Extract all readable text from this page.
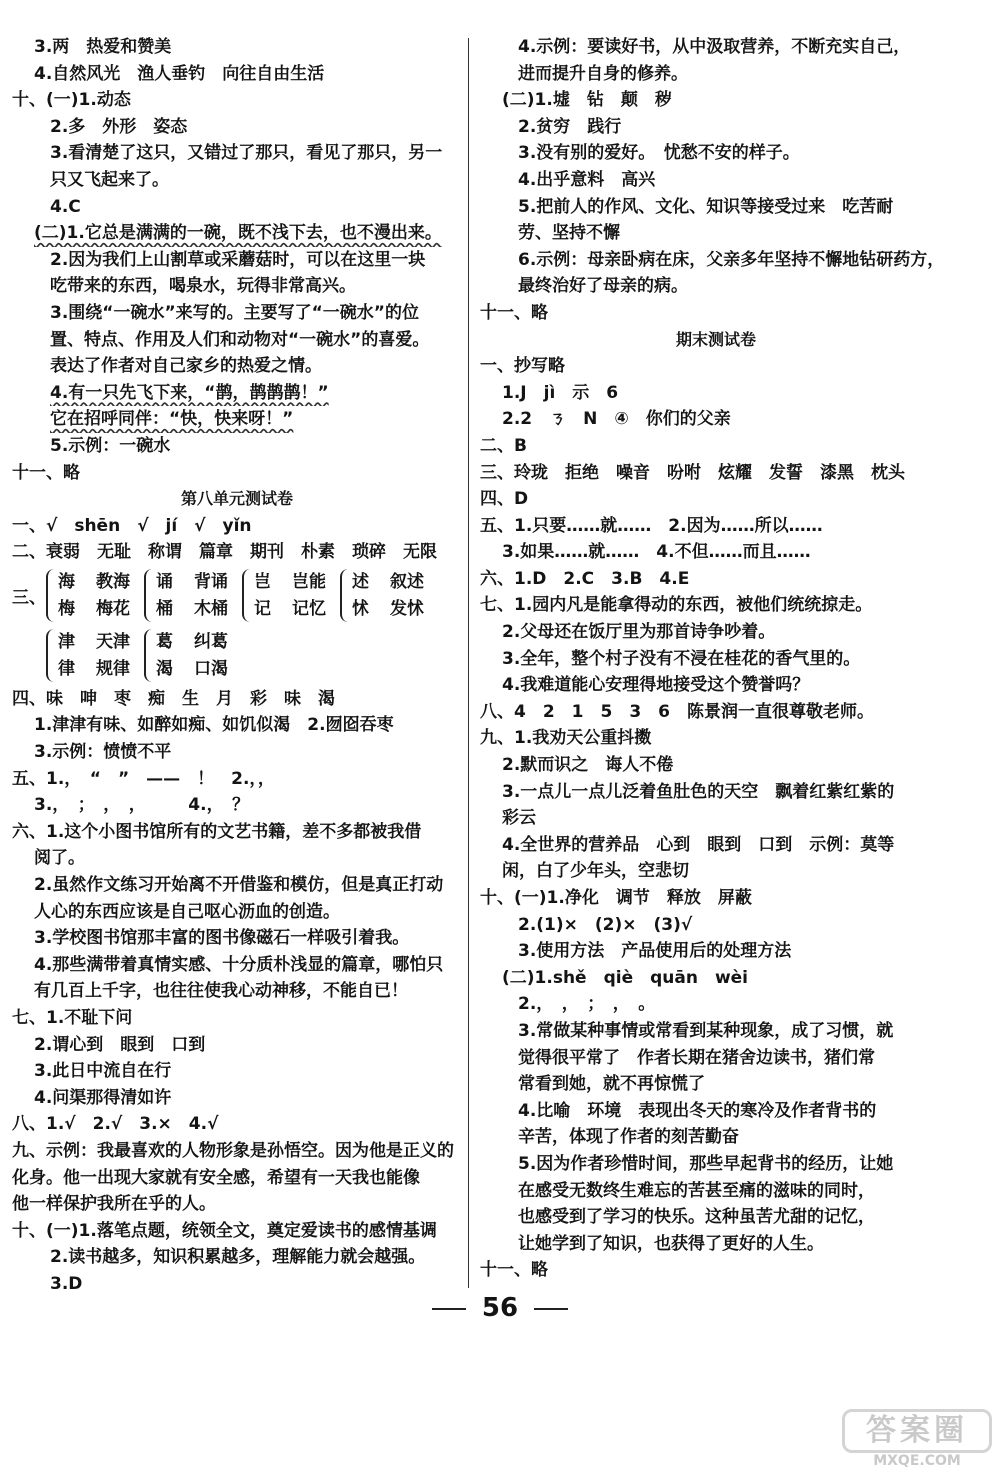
3.两　热爱和赞美
4.自然风光　渔人垂钓　向往自由生活
十、(一)1.动态
2.多　外形　姿态
3.看清楚了这只，又错过了那只，看见了那只，另一
只又飞起来了。
4.C
(二)1.它总是满满的一碗，既不浅下去，也不漫出来。
2.因为我们上山割草或采蘑菇时，可以在这里一块
吃带来的东西，喝泉水，玩得非常高兴。
3.围绕“一碗水”来写的。主要写了“一碗水”的位
置、特点、作用及人们和动物对“一碗水”的喜爱。
表达了作者对自己家乡的热爱之情。
4.有一只先飞下来，“鹊，鹊鹊鹊！”
它在招呼同伴：“快，快来呀！”
5.示例：一碗水
十一、略
第八单元测试卷
一、√　shēn　√　jí　√　yǐn
二、衰弱　无耻　称谓　篇章　期刊　朴素　琐碎　无限
三、
海 教海
梅 梅花
诵 背诵
桶 木桶
岂 岂能
记 记忆
述 叙述
怵 发怵
津 天津
律 规律
葛 纠葛
渴 口渴
四、味　呻　枣　痴　生　月　彩　味　渴
1.津津有味、如醉如痴、如饥似渴　2.囫囵吞枣
3.示例：愤愤不平
五、1.，　“　”　——　！　2.，，
3.，　；　，　，　　　4.，　？
六、1.这个小图书馆所有的文艺书籍，差不多都被我借
阅了。
2.虽然作文练习开始离不开借鉴和模仿，但是真正打动
人心的东西应该是自己呕心沥血的创造。
3.学校图书馆那丰富的图书像磁石一样吸引着我。
4.那些满带着真情实感、十分质朴浅显的篇章，哪怕只
有几百上千字，也往往使我心动神移，不能自已！
七、1.不耻下问
2.谓心到　眼到　口到
3.此日中流自在行
4.问渠那得清如许
八、1.√　2.√　3.×　4.√
九、示例：我最喜欢的人物形象是孙悟空。因为他是正义的
化身。他一出现大家就有安全感，希望有一天我也能像
他一样保护我所在乎的人。
十、(一)1.落笔点题，统领全文，奠定爱读书的感情基调
2.读书越多，知识积累越多，理解能力就会越强。
3.D
4.示例：要读好书，从中汲取营养，不断充实自己，
进而提升自身的修养。
(二)1.墟　钻　颠　秽
2.贫穷　践行
3.没有别的爱好。　忧愁不安的样子。
4.出乎意料　高兴
5.把前人的作风、文化、知识等接受过来　吃苦耐
劳、坚持不懈
6.示例：母亲卧病在床，父亲多年坚持不懈地钻研药方，
最终治好了母亲的病。
十一、略
期末测试卷
一、抄写略
1.J　jì　示　6
2.2　ㄋ　N　④　你们的父亲
二、B
三、玲珑　拒绝　噪音　吩咐　炫耀　发誓　漆黑　枕头
四、D
五、1.只要……就……　2.因为……所以……
3.如果……就……　4.不但……而且……
六、1.D　2.C　3.B　4.E
七、1.园内凡是能拿得动的东西，被他们统统掠走。
2.父母还在饭厅里为那首诗争吵着。
3.全年，整个村子没有不浸在桂花的香气里的。
4.我难道能心安理得地接受这个赞誉吗？
八、4　2　1　5　3　6　陈景润一直很尊敬老师。
九、1.我劝天公重抖擞
2.默而识之　诲人不倦
3.一点儿一点儿泛着鱼肚色的天空　飘着红紫红紫的
彩云
4.全世界的营养品　心到　眼到　口到　示例：莫等
闲，白了少年头，空悲切
十、(一)1.净化　调节　释放　屏蔽
2.(1)×　(2)×　(3)√
3.使用方法　产品使用后的处理方法
(二)1.shě　qiè　quān　wèi
2.，　，　；　，　。
3.常做某种事情或常看到某种现象，成了习惯，就
觉得很平常了　作者长期在猪舍边读书，猪们常
常看到她，就不再惊慌了
4.比喻　环境　表现出冬天的寒冷及作者背书的
辛苦，体现了作者的刻苦勤奋
5.因为作者珍惜时间，那些早起背书的经历，让她
在感受无数终生难忘的苦甚至痛的滋味的同时，
也感受到了学习的快乐。这种虽苦尤甜的记忆，
让她学到了知识，也获得了更好的人生。
十一、略
56
答案圈
MXQE.COM
